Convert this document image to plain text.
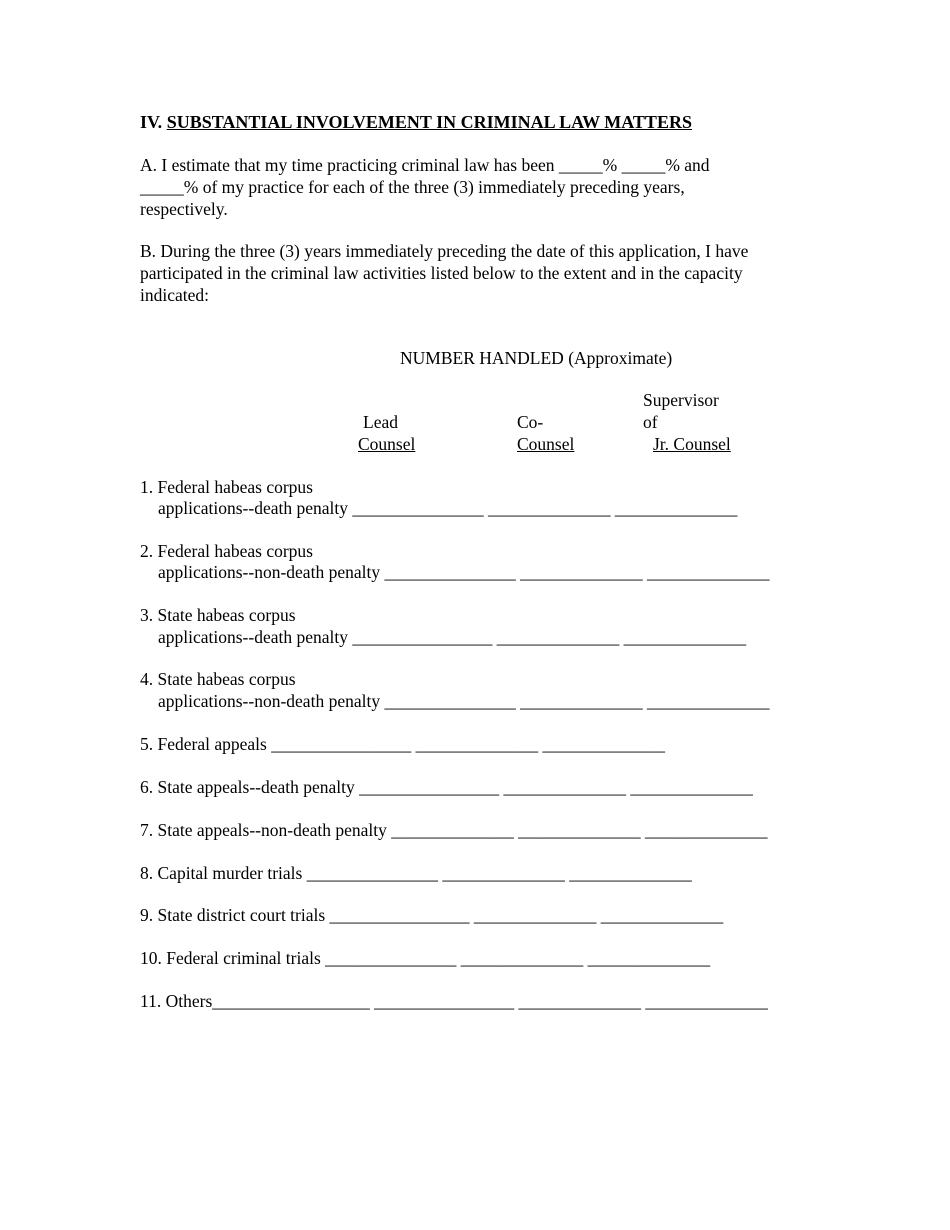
IV. SUBSTANTIAL INVOLVEMENT IN CRIMINAL LAW MATTERS
A. I estimate that my time practicing criminal law has been _____% _____% and
_____% of my practice for each of the three (3) immediately preceding years,
respectively.
B. During the three (3) years immediately preceding the date of this application, I have
participated in the criminal law activities listed below to the extent and in the capacity
indicated:
NUMBER HANDLED (Approximate)
Lead
Counsel
Co-
Counsel
Supervisor
of
Jr. Counsel
1. Federal habeas corpus
applications--death penalty _______________ ______________ ______________
2. Federal habeas corpus
applications--non-death penalty _______________ ______________ ______________
3. State habeas corpus
applications--death penalty ________________ ______________ ______________
4. State habeas corpus
applications--non-death penalty _______________ ______________ ______________
5. Federal appeals ________________ ______________ ______________
6. State appeals--death penalty ________________ ______________ ______________
7. State appeals--non-death penalty ______________ ______________ ______________
8. Capital murder trials _______________ ______________ ______________
9. State district court trials ________________ ______________ ______________
10. Federal criminal trials _______________ ______________ ______________
11. Others__________________ ________________ ______________ ______________
